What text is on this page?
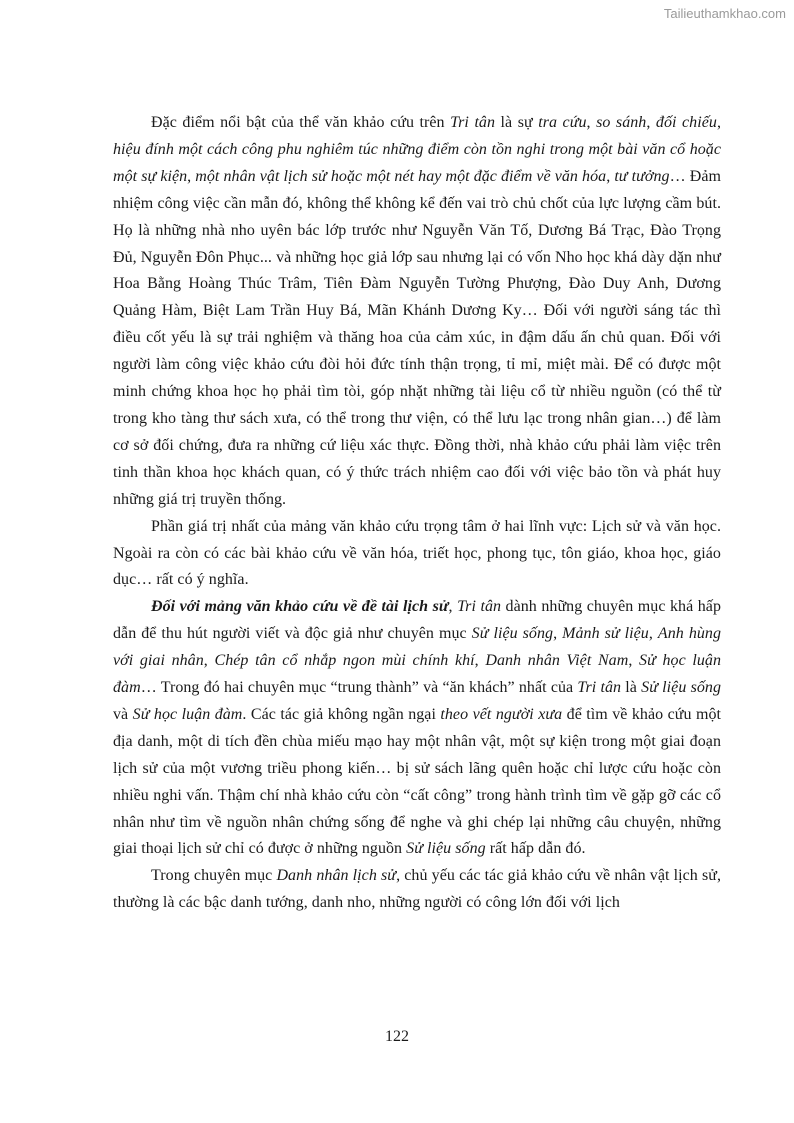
Tailieuthamkhao.com

Đặc điểm nổi bật của thể văn khảo cứu trên Tri tân là sự tra cứu, so sánh, đối chiếu, hiệu đính một cách công phu nghiêm túc những điểm còn tồn nghi trong một bài văn cổ hoặc một sự kiện, một nhân vật lịch sử hoặc một nét hay một đặc điểm về văn hóa, tư tưởng… Đảm nhiệm công việc cần mẫn đó, không thể không kể đến vai trò chủ chốt của lực lượng cầm bút. Họ là những nhà nho uyên bác lớp trước như Nguyễn Văn Tố, Dương Bá Trạc, Đào Trọng Đủ, Nguyễn Đôn Phục... và những học giả lớp sau nhưng lại có vốn Nho học khá dày dặn như Hoa Bằng Hoàng Thúc Trâm, Tiên Đàm Nguyễn Tường Phượng, Đào Duy Anh, Dương Quảng Hàm, Biệt Lam Trần Huy Bá, Mãn Khánh Dương Ky… Đối với người sáng tác thì điều cốt yếu là sự trải nghiệm và thăng hoa của cảm xúc, in đậm dấu ấn chủ quan. Đối với người làm công việc khảo cứu đòi hỏi đức tính thận trọng, tỉ mỉ, miệt mài. Để có được một minh chứng khoa học họ phải tìm tòi, góp nhặt những tài liệu cổ từ nhiều nguồn (có thể từ trong kho tàng thư sách xưa, có thể trong thư viện, có thể lưu lạc trong nhân gian…) để làm cơ sở đối chứng, đưa ra những cứ liệu xác thực. Đồng thời, nhà khảo cứu phải làm việc trên tinh thần khoa học khách quan, có ý thức trách nhiệm cao đối với việc bảo tồn và phát huy những giá trị truyền thống.

Phần giá trị nhất của mảng văn khảo cứu trọng tâm ở hai lĩnh vực: Lịch sử và văn học. Ngoài ra còn có các bài khảo cứu về văn hóa, triết học, phong tục, tôn giáo, khoa học, giáo dục… rất có ý nghĩa.

Đối với mảng văn khảo cứu về đề tài lịch sử, Tri tân dành những chuyên mục khá hấp dẫn để thu hút người viết và độc giả như chuyên mục Sử liệu sống, Mảnh sử liệu, Anh hùng với giai nhân, Chép tân cổ nhắp ngon mùi chính khí, Danh nhân Việt Nam, Sử học luận đàm… Trong đó hai chuyên mục “trung thành” và “ăn khách” nhất của Tri tân là Sử liệu sống và Sử học luận đàm. Các tác giả không ngần ngại theo vết người xưa để tìm về khảo cứu một địa danh, một di tích đền chùa miếu mạo hay một nhân vật, một sự kiện trong một giai đoạn lịch sử của một vương triều phong kiến… bị sử sách lãng quên hoặc chỉ lược cứu hoặc còn nhiều nghi vấn. Thậm chí nhà khảo cứu còn “cất công” trong hành trình tìm về gặp gỡ các cổ nhân như tìm về nguồn nhân chứng sống để nghe và ghi chép lại những câu chuyện, những giai thoại lịch sử chỉ có được ở những nguồn Sử liệu sống rất hấp dẫn đó.

Trong chuyên mục Danh nhân lịch sử, chủ yếu các tác giả khảo cứu về nhân vật lịch sử, thường là các bậc danh tướng, danh nho, những người có công lớn đối với lịch

122
